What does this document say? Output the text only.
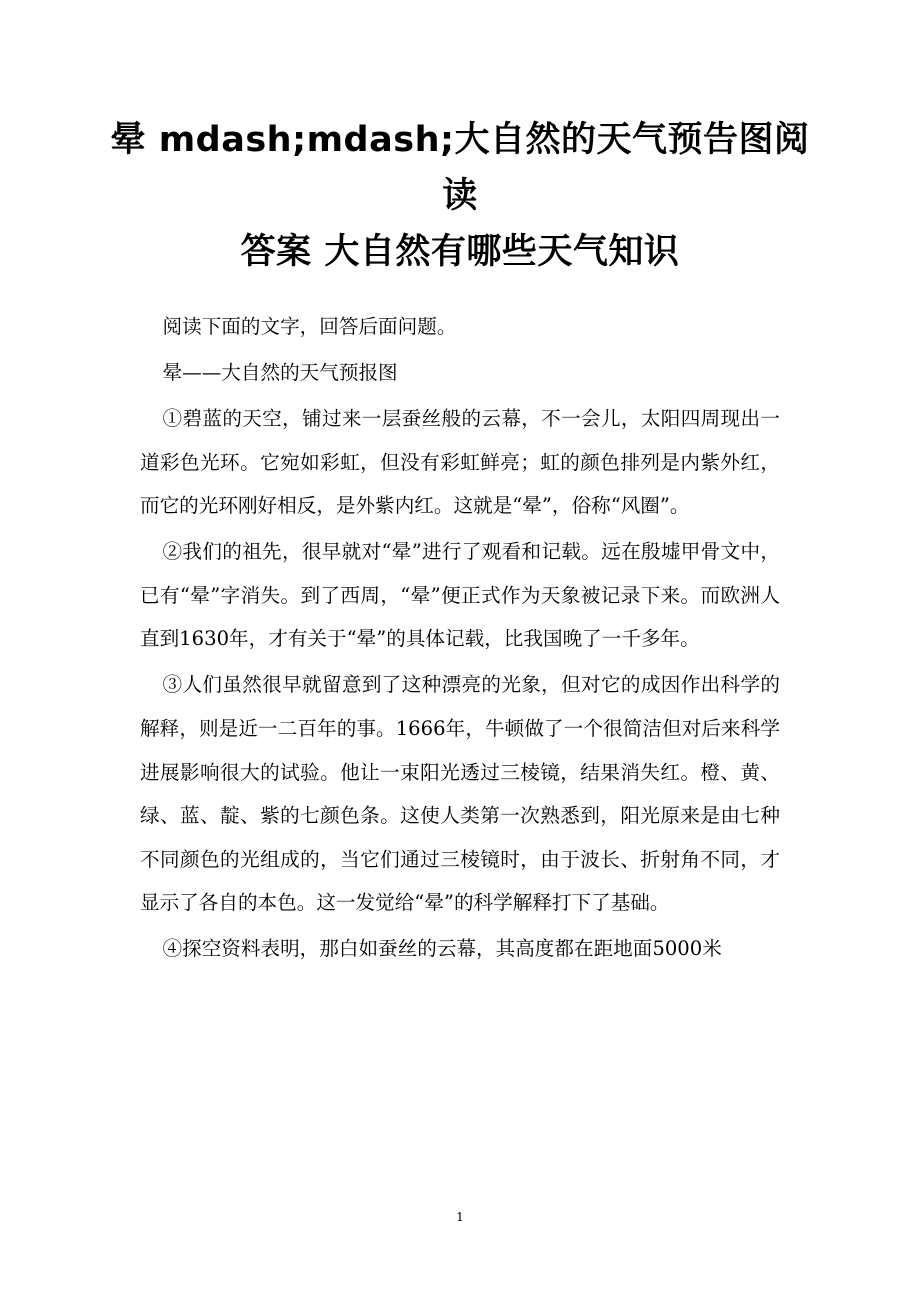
晕 mdash;mdash;大自然的天气预告图阅读
答案 大自然有哪些天气知识

阅读下面的文字，回答后面问题。

晕——大自然的天气预报图

①碧蓝的天空，铺过来一层蚕丝般的云幕，不一会儿，太阳四周现出一道彩色光环。它宛如彩虹，但没有彩虹鲜亮；虹的颜色排列是内紫外红，而它的光环刚好相反，是外紫内红。这就是“晕”，俗称“风圈”。

②我们的祖先，很早就对“晕”进行了观看和记载。远在殷墟甲骨文中，已有“晕”字消失。到了西周，“晕”便正式作为天象被记录下来。而欧洲人直到1630年，才有关于“晕”的具体记载，比我国晚了一千多年。

③人们虽然很早就留意到了这种漂亮的光象，但对它的成因作出科学的解释，则是近一二百年的事。1666年，牛顿做了一个很简洁但对后来科学进展影响很大的试验。他让一束阳光透过三棱镜，结果消失红。橙、黄、绿、蓝、靛、紫的七颜色条。这使人类第一次熟悉到，阳光原来是由七种不同颜色的光组成的，当它们通过三棱镜时，由于波长、折射角不同，才显示了各自的本色。这一发觉给“晕”的科学解释打下了基础。

④探空资料表明，那白如蚕丝的云幕，其高度都在距地面5000米

1
